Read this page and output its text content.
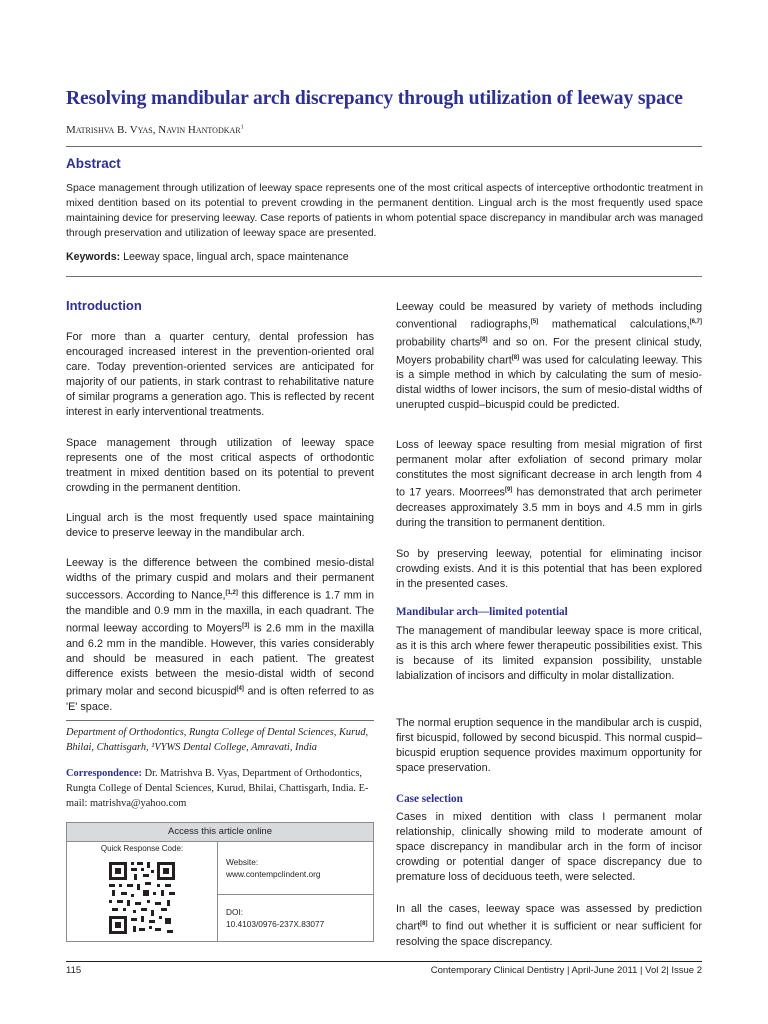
Resolving mandibular arch discrepancy through utilization of leeway space
Matrishva B. Vyas, Navin Hantodkar$^1$
Abstract
Space management through utilization of leeway space represents one of the most critical aspects of interceptive orthodontic treatment in mixed dentition based on its potential to prevent crowding in the permanent dentition. Lingual arch is the most frequently used space maintaining device for preserving leeway. Case reports of patients in whom potential space discrepancy in mandibular arch was managed through preservation and utilization of leeway space are presented.
Keywords: Leeway space, lingual arch, space maintenance
Introduction

For more than a quarter century, dental profession has encouraged increased interest in the prevention-oriented oral care. Today prevention-oriented services are anticipated for majority of our patients, in stark contrast to rehabilitative nature of similar programs a generation ago. This is reflected by recent interest in early interventional treatments.

Space management through utilization of leeway space represents one of the most critical aspects of orthodontic treatment in mixed dentition based on its potential to prevent crowding in the permanent dentition.

Lingual arch is the most frequently used space maintaining device to preserve leeway in the mandibular arch.

Leeway is the difference between the combined mesio-distal widths of the primary cuspid and molars and their permanent successors. According to Nance,[1,2] this difference is 1.7 mm in the mandible and 0.9 mm in the maxilla, in each quadrant. The normal leeway according to Moyers[3] is 2.6 mm in the maxilla and 6.2 mm in the mandible. However, this varies considerably and should be measured in each patient. The greatest difference exists between the mesio-distal width of second primary molar and second bicuspid[4] and is often referred to as 'E' space.

Department of Orthodontics, Rungta College of Dental Sciences, Kurud, Bhilai, Chattisgarh, ¹VYWS Dental College, Amravati, India
Correspondence: Dr. Matrishva B. Vyas, Department of Orthodontics, Rungta College of Dental Sciences, Kurud, Bhilai, Chattisgarh, India. E-mail: matrishva@yahoo.com
Access this article online
Quick Response Code:
Website:
www.contempclindent.org
DOI:
10.4103/0976-237X.83077

Leeway could be measured by variety of methods including conventional radiographs,[5] mathematical calculations,[6,7] probability charts[8] and so on. For the present clinical study, Moyers probability chart[8] was used for calculating leeway. This is a simple method in which by calculating the sum of mesio-distal widths of lower incisors, the sum of mesio-distal widths of unerupted cuspid–bicuspid could be predicted.

Loss of leeway space resulting from mesial migration of first permanent molar after exfoliation of second primary molar constitutes the most significant decrease in arch length from 4 to 17 years. Moorrees[9] has demonstrated that arch perimeter decreases approximately 3.5 mm in boys and 4.5 mm in girls during the transition to permanent dentition.

So by preserving leeway, potential for eliminating incisor crowding exists. And it is this potential that has been explored in the presented cases.

Mandibular arch—limited potential

The management of mandibular leeway space is more critical, as it is this arch where fewer therapeutic possibilities exist. This is because of its limited expansion possibility, unstable labialization of incisors and difficulty in molar distallization.

The normal eruption sequence in the mandibular arch is cuspid, first bicuspid, followed by second bicuspid. This normal cuspid–bicuspid eruption sequence provides maximum opportunity for space preservation.

Case selection

Cases in mixed dentition with class I permanent molar relationship, clinically showing mild to moderate amount of space discrepancy in mandibular arch in the form of incisor crowding or potential danger of space discrepancy due to premature loss of deciduous teeth, were selected.

In all the cases, leeway space was assessed by prediction chart[8] to find out whether it is sufficient or near sufficient for resolving the space discrepancy.

115	Contemporary Clinical Dentistry | April-June 2011 | Vol 2| Issue 2
